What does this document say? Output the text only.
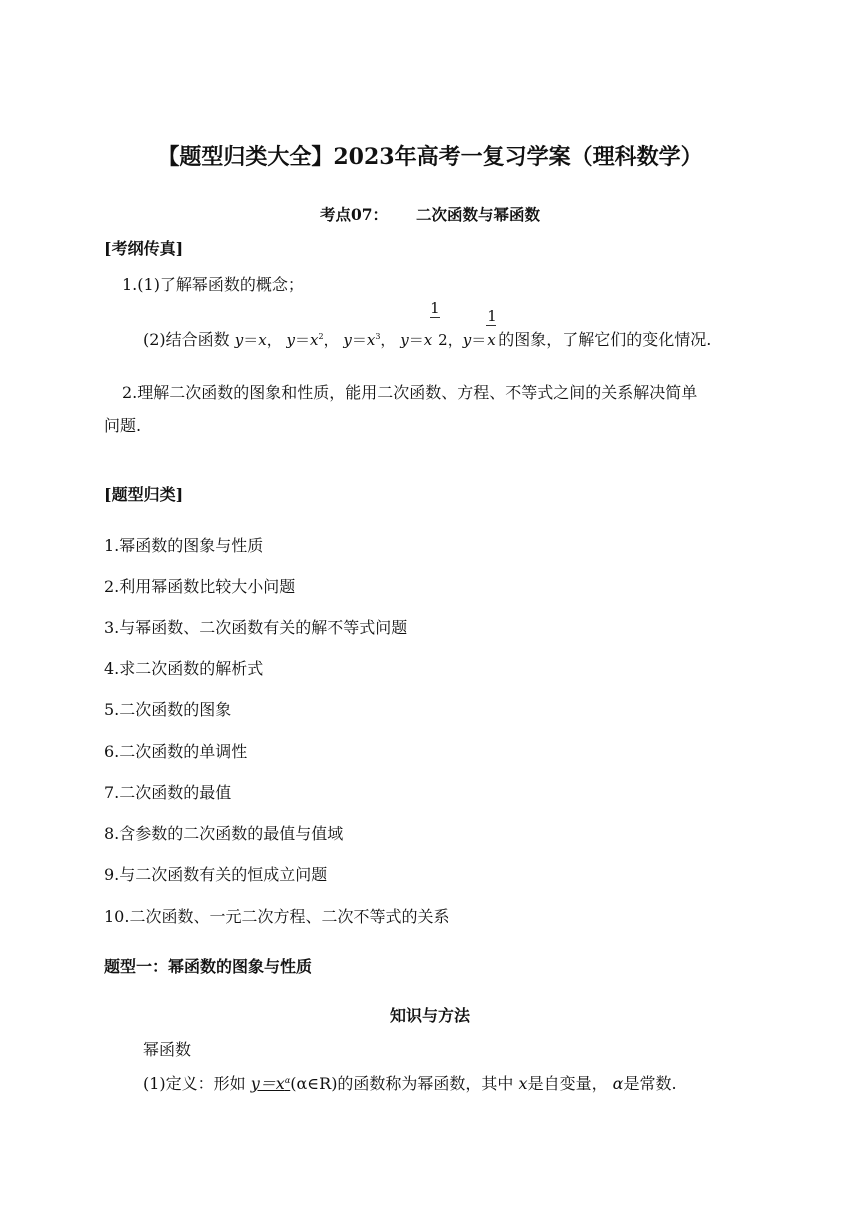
【题型归类大全】2023年高考一复习学案（理科数学）
考点07： 二次函数与幂函数
[考纲传真]
1.(1)了解幂函数的概念；
(2)结合函数 y＝x， $y=x^2$， $y=x^3$， y＝x
1
2，$y= \frac{1}{x}$ 的图象，了解它们的变化情况.
2.理解二次函数的图象和性质，能用二次函数、方程、不等式之间的关系解决简单
问题.
[题型归类]
1.幂函数的图象与性质
2.利用幂函数比较大小问题
3.与幂函数、二次函数有关的解不等式问题
4.求二次函数的解析式
5.二次函数的图象
6.二次函数的单调性
7.二次函数的最值
8.含参数的二次函数的最值与值域
9.与二次函数有关的恒成立问题
10.二次函数、一元二次方程、二次不等式的关系
题型一：幂函数的图象与性质
知识与方法
幂函数
(1)定义：形如 $y=x^\alpha(\alpha\in R)$的函数称为幂函数，其中 x是自变量， α是常数.
